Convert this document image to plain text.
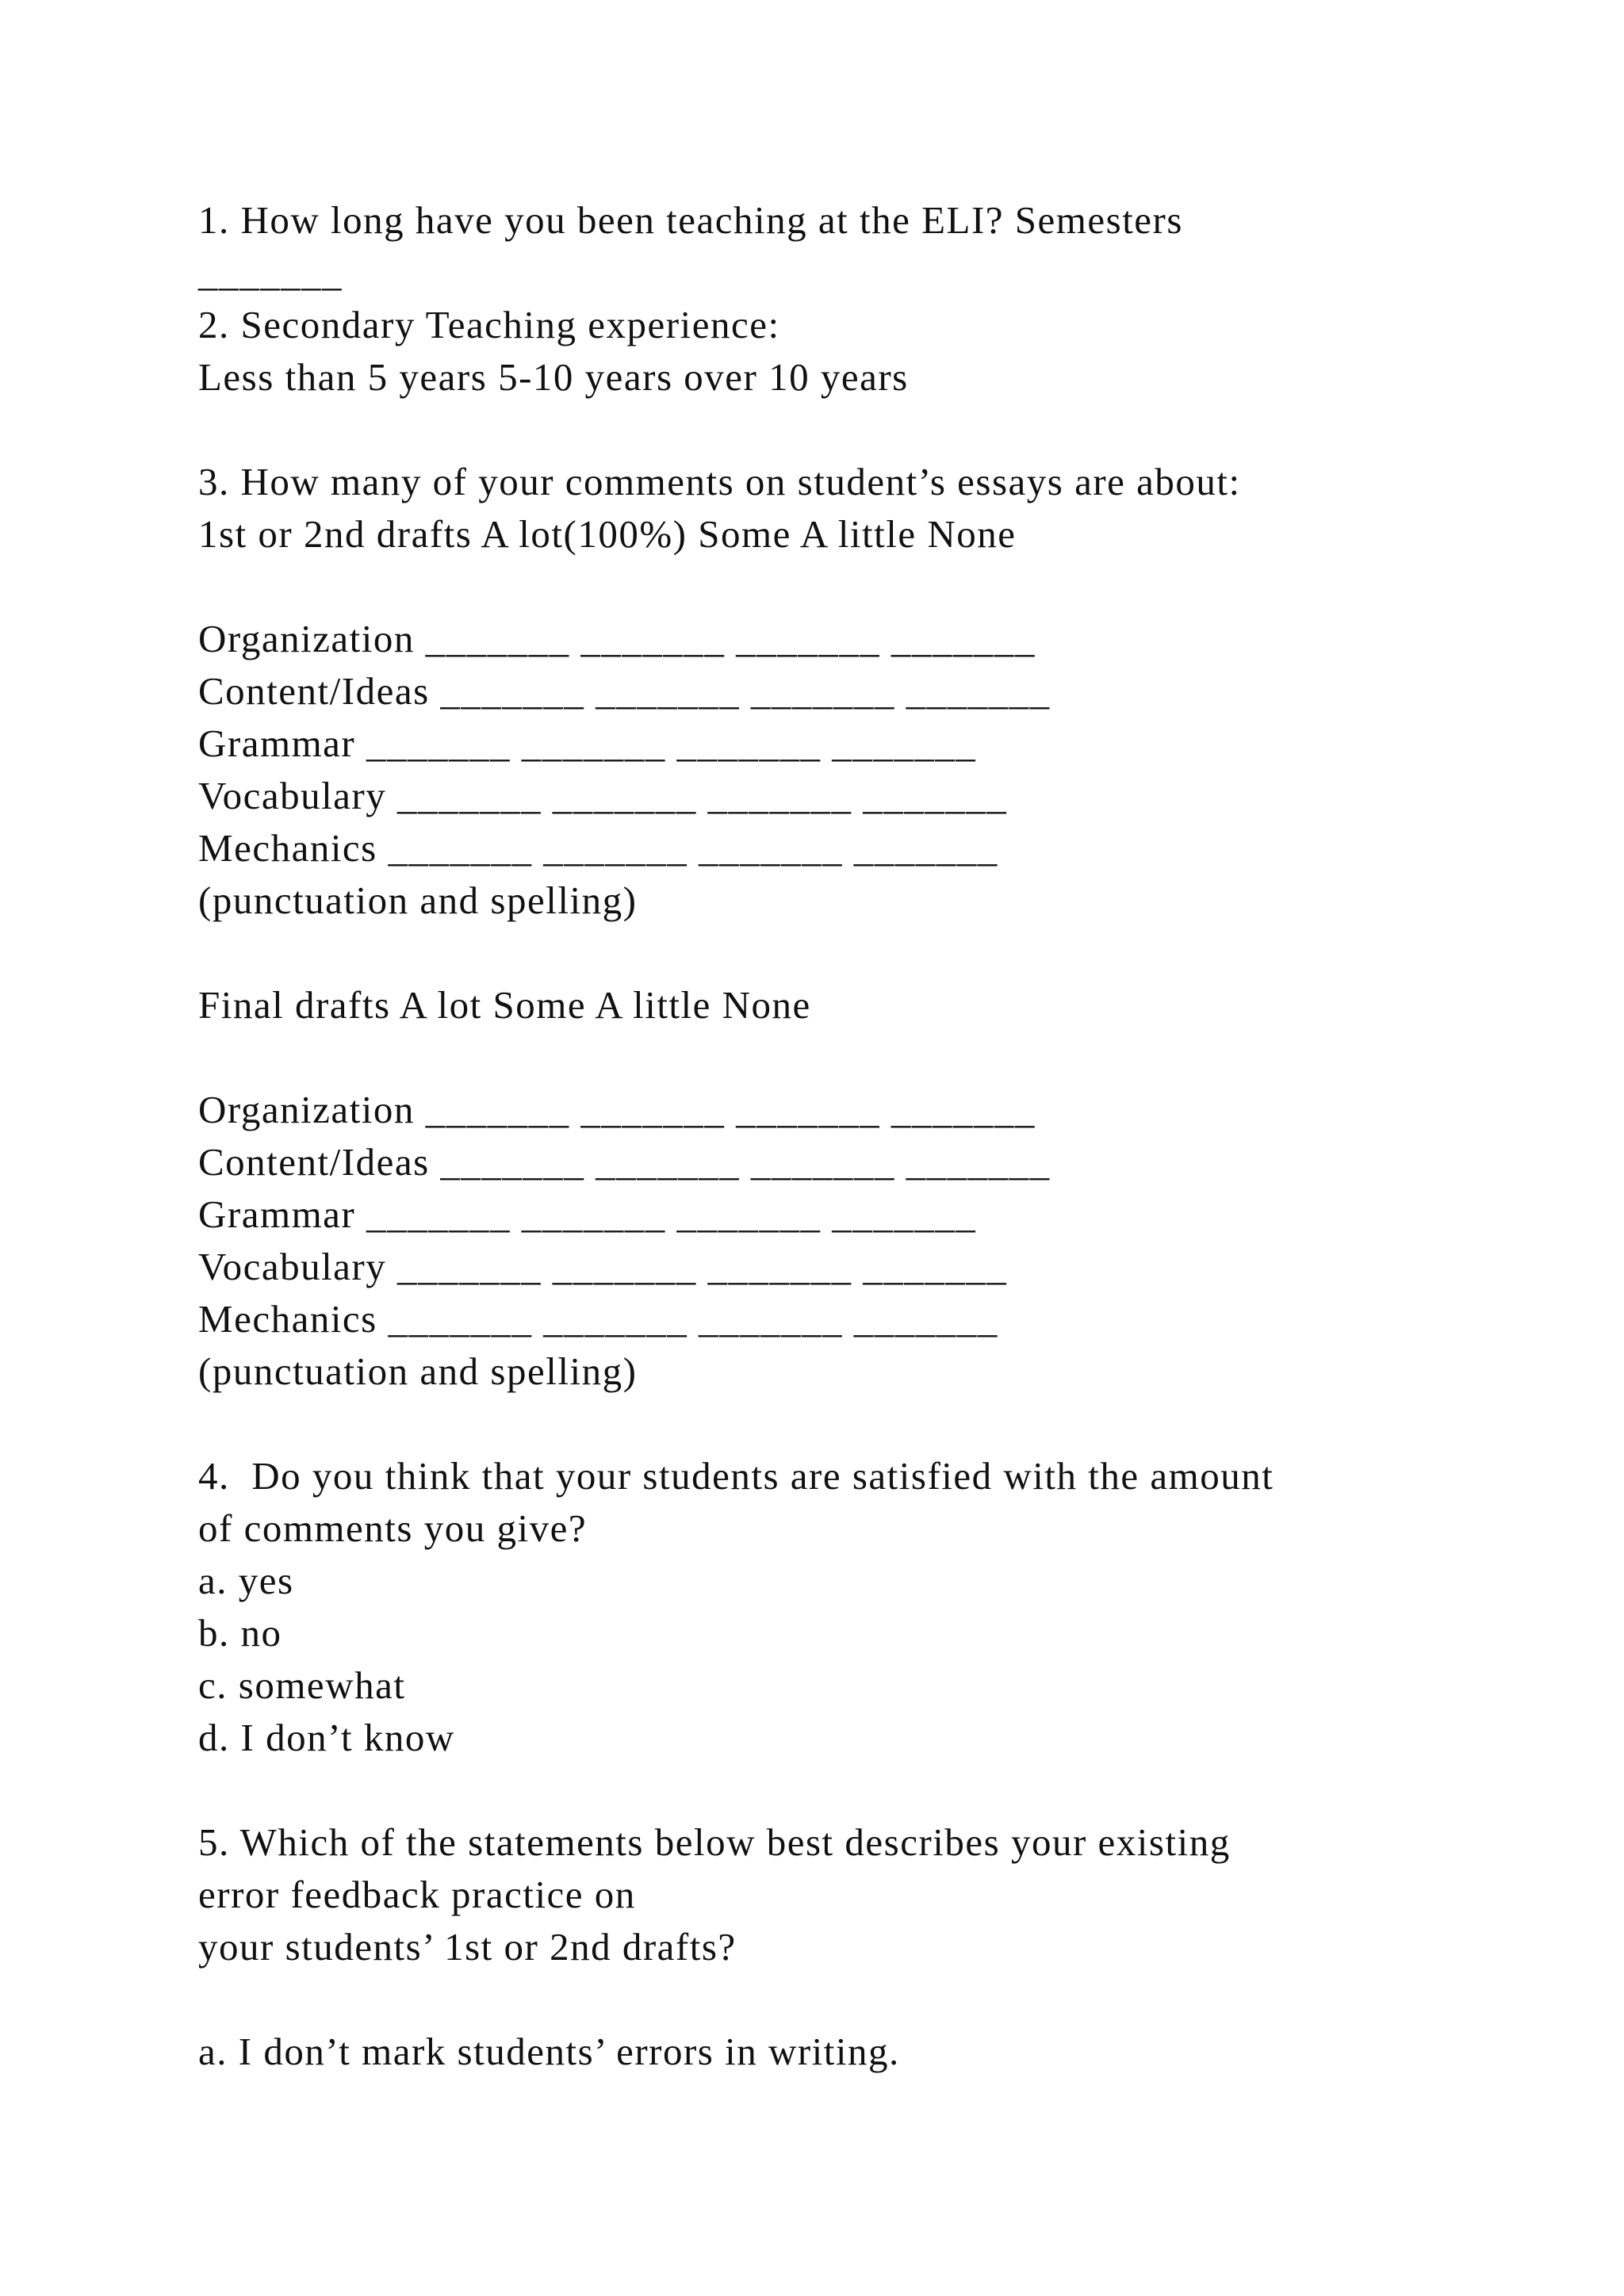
1. How long have you been teaching at the ELI? Semesters
_______
2. Secondary Teaching experience:
Less than 5 years 5-10 years over 10 years
3. How many of your comments on student’s essays are about:
1st or 2nd drafts A lot(100%) Some A little None
Organization _______ _______ _______ _______
Content/Ideas _______ _______ _______ _______
Grammar _______ _______ _______ _______
Vocabulary _______ _______ _______ _______
Mechanics _______ _______ _______ _______
(punctuation and spelling)
Final drafts A lot Some A little None
Organization _______ _______ _______ _______
Content/Ideas _______ _______ _______ _______
Grammar _______ _______ _______ _______
Vocabulary _______ _______ _______ _______
Mechanics _______ _______ _______ _______
(punctuation and spelling)
4.  Do you think that your students are satisfied with the amount
of comments you give?
a. yes
b. no
c. somewhat
d. I don’t know
5. Which of the statements below best describes your existing
error feedback practice on
your students’ 1st or 2nd drafts?
a. I don’t mark students’ errors in writing.
